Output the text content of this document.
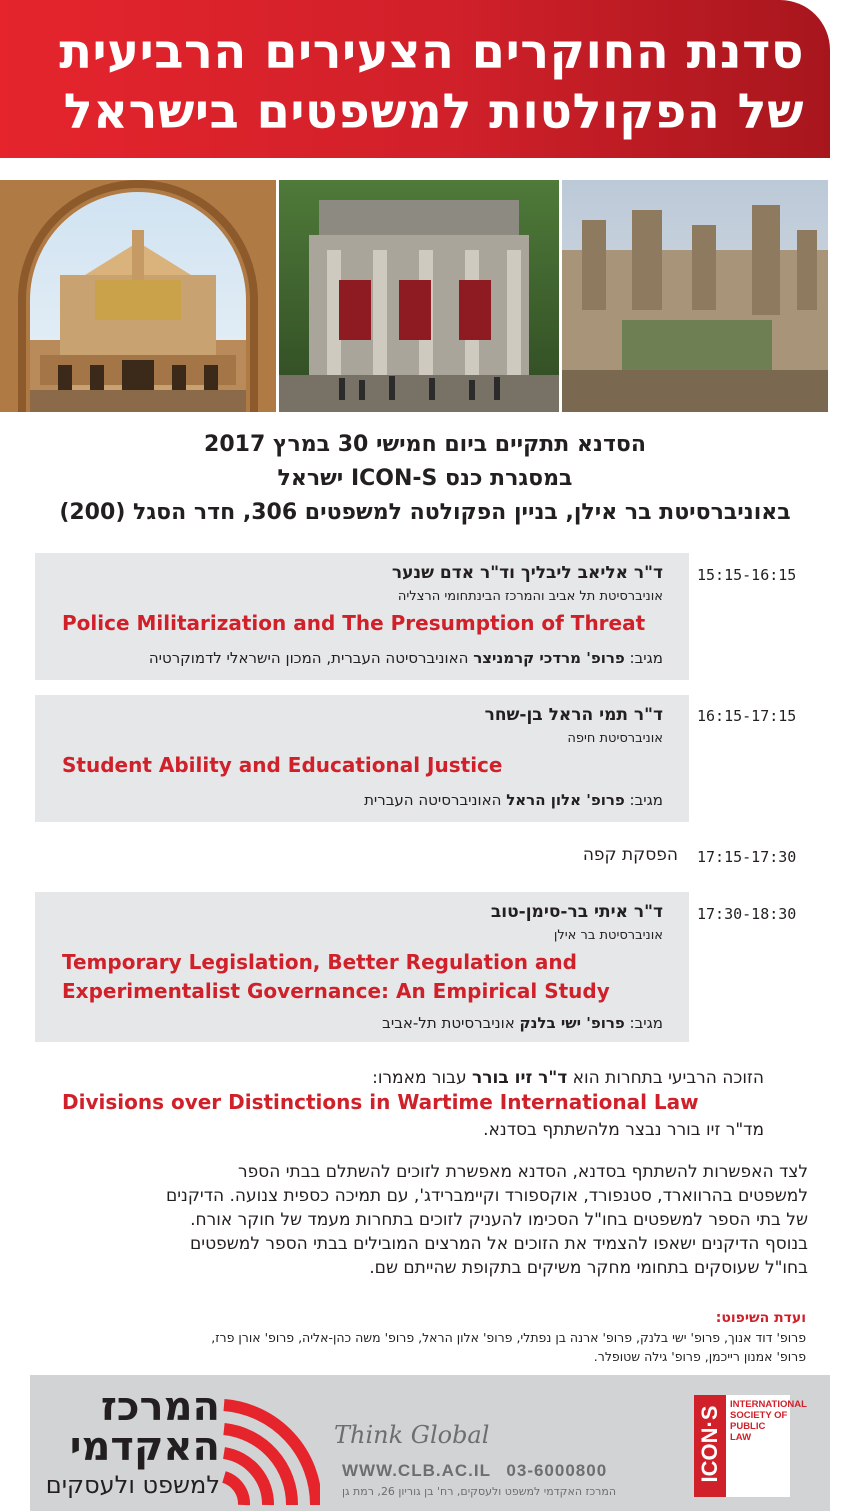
סדנת החוקרים הצעירים הרביעית
של הפקולטות למשפטים בישראל
הסדנא תתקיים ביום חמישי 30 במרץ 2017
במסגרת כנס ICON-S ישראל
באוניברסיטת בר אילן, בניין הפקולטה למשפטים 306, חדר הסגל (200)
15:15-16:15
ד"ר אליאב ליבליך וד"ר אדם שנער
אוניברסיטת תל אביב והמרכז הבינתחומי הרצליה
Police Militarization and The Presumption of Threat
מגיב: פרופ' מרדכי קרמניצר האוניברסיטה העברית, המכון הישראלי לדמוקרטיה
16:15-17:15
ד"ר תמי הראל בן-שחר
אוניברסיטת חיפה
Student Ability and Educational Justice
מגיב: פרופ' אלון הראל האוניברסיטה העברית
17:15-17:30
הפסקת קפה
17:30-18:30
ד"ר איתי בר-סימן-טוב
אוניברסיטת בר אילן
Temporary Legislation, Better Regulation and
Experimentalist Governance: An Empirical Study
מגיב: פרופ' ישי בלנק אוניברסיטת תל-אביב
הזוכה הרביעי בתחרות הוא ד"ר זיו בורר עבור מאמרו:
Divisions over Distinctions in Wartime International Law
מד"ר זיו בורר נבצר מלהשתתף בסדנא.
לצד האפשרות להשתתף בסדנא, הסדנא מאפשרת לזוכים להשתלם בבתי הספר
למשפטים בהרווארד, סטנפורד, אוקספורד וקיימברידג', עם תמיכה כספית צנועה. הדיקנים
של בתי הספר למשפטים בחו"ל הסכימו להעניק לזוכים בתחרות מעמד של חוקר אורח.
בנוסף הדיקנים ישאפו להצמיד את הזוכים אל המרצים המובילים בבתי הספר למשפטים
בחו"ל שעוסקים בתחומי מחקר משיקים בתקופת שהייתם שם.
ועדת השיפוט:
פרופ' דוד אנוך, פרופ' ישי בלנק, פרופ' ארנה בן נפתלי, פרופ' אלון הראל, פרופ' משה כהן-אליה, פרופ' אורן פרז,
פרופ' אמנון רייכמן, פרופ' גילה שטופלר.
המרכז
האקדמי
למשפט ולעסקים
Think Global
WWW.CLB.AC.IL 03-6000800
המרכז האקדמי למשפט ולעסקים, רח' בן גוריון 26, רמת גן
ICON·S
INTERNATIONAL
SOCIETY OF
PUBLIC
LAW
